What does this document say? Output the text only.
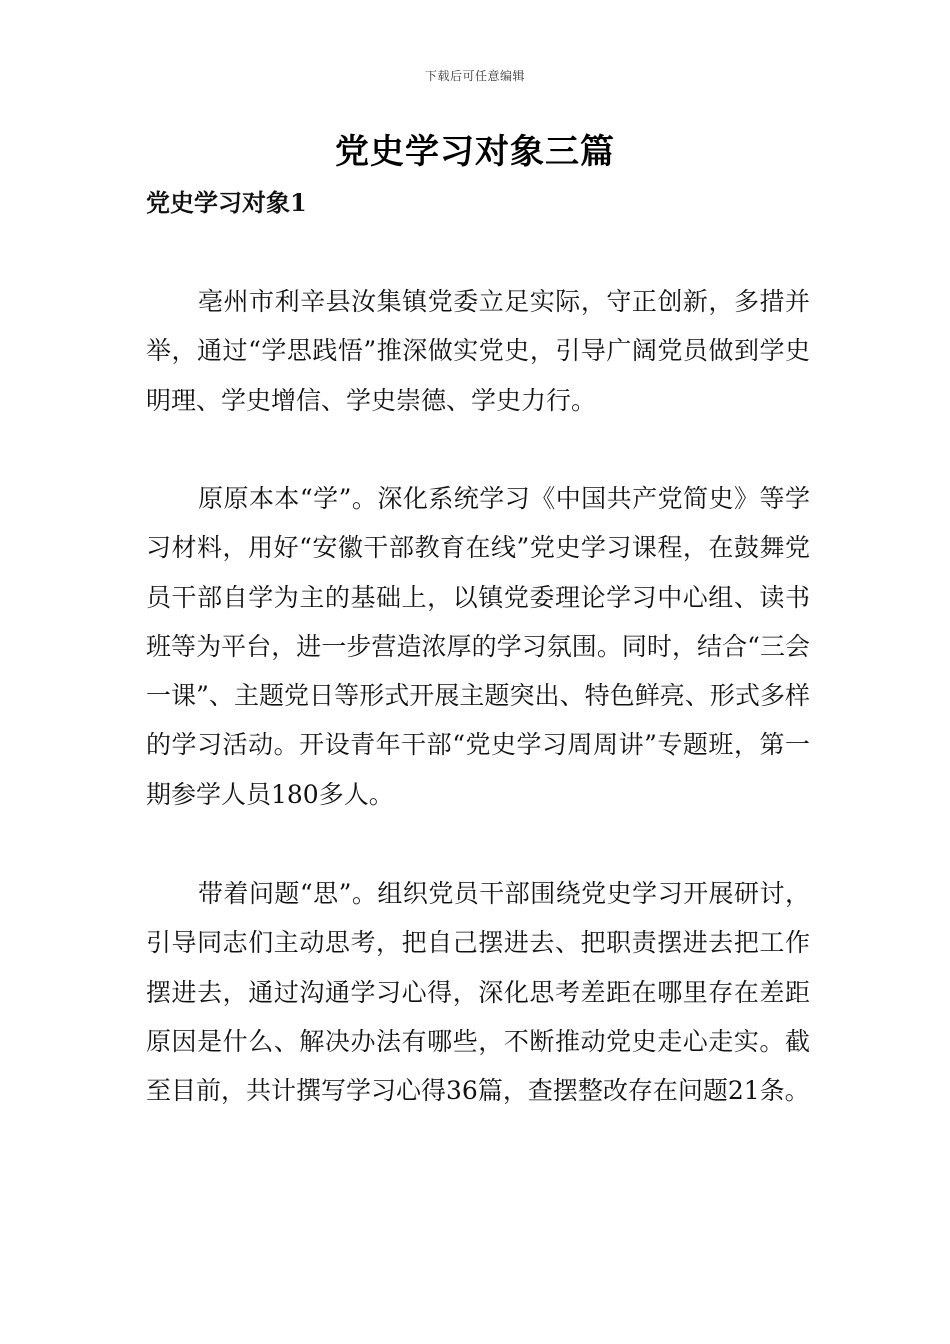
下载后可任意编辑
党史学习对象三篇
党史学习对象1

亳州市利辛县汝集镇党委立足实际，守正创新，多措并举，通过“学思践悟”推深做实党史，引导广阔党员做到学史明理、学史增信、学史崇德、学史力行。

原原本本“学”。深化系统学习《中国共产党简史》等学习材料，用好“安徽干部教育在线”党史学习课程，在鼓舞党员干部自学为主的基础上，以镇党委理论学习中心组、读书班等为平台，进一步营造浓厚的学习氛围。同时，结合“三会一课”、主题党日等形式开展主题突出、特色鲜亮、形式多样的学习活动。开设青年干部“党史学习周周讲”专题班，第一期参学人员180多人。

带着问题“思”。组织党员干部围绕党史学习开展研讨，引导同志们主动思考，把自己摆进去、把职责摆进去把工作摆进去，通过沟通学习心得，深化思考差距在哪里存在差距原因是什么、解决办法有哪些，不断推动党史走心走实。截至目前，共计撰写学习心得36篇，查摆整改存在问题21条。
